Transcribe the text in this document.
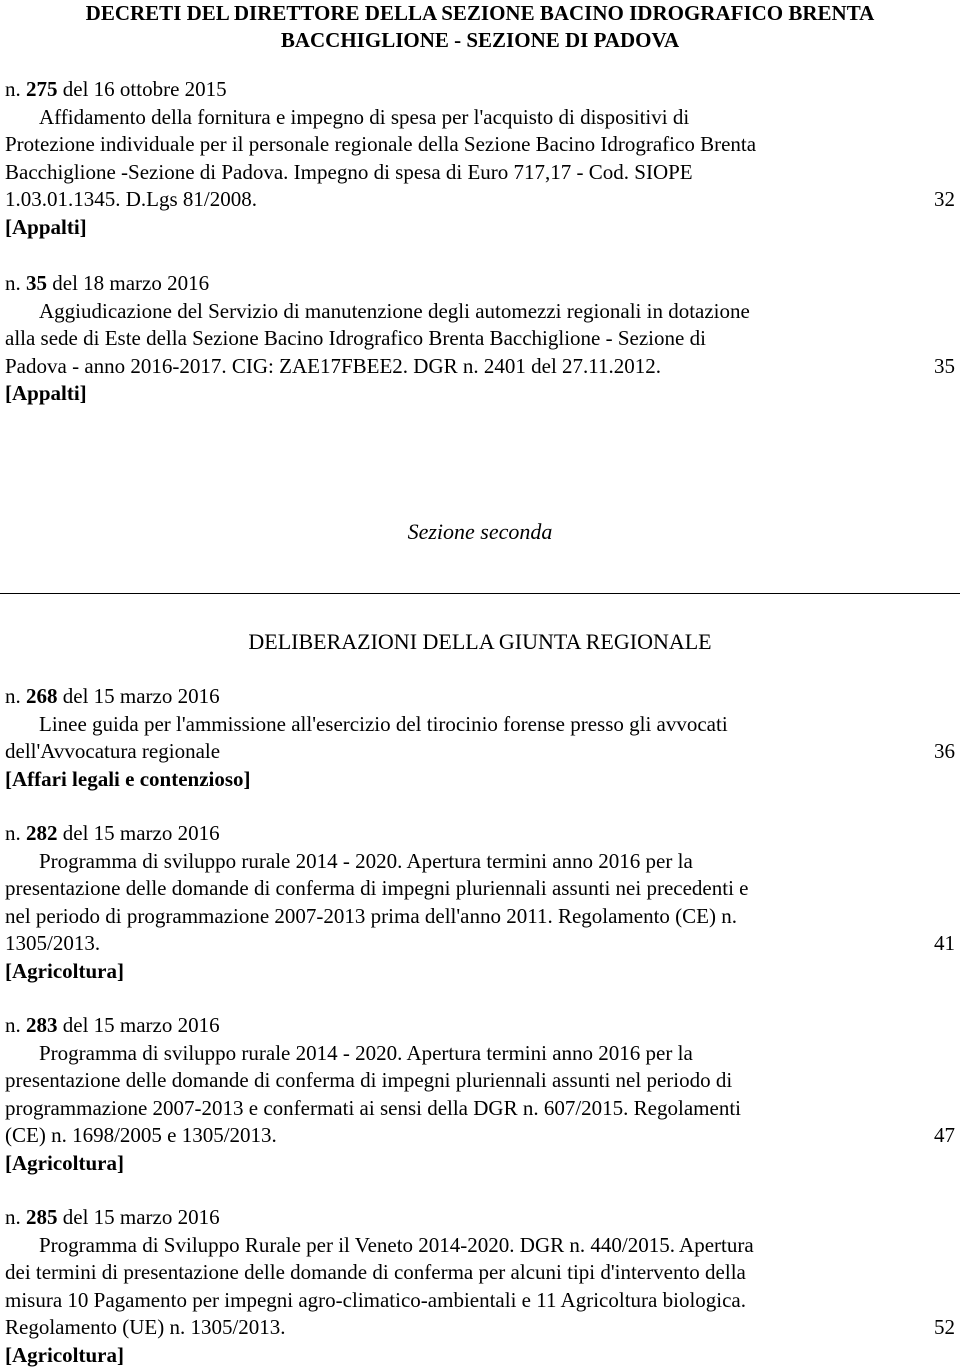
DECRETI DEL DIRETTORE DELLA SEZIONE BACINO IDROGRAFICO BRENTA
BACCHIGLIONE - SEZIONE DI PADOVA
n. 275 del 16 ottobre 2015
Affidamento della fornitura e impegno di spesa per l'acquisto di dispositivi di
Protezione individuale per il personale regionale della Sezione Bacino Idrografico Brenta
Bacchiglione -Sezione di Padova. Impegno di spesa di Euro 717,17 - Cod. SIOPE
1.03.01.1345. D.Lgs 81/2008.
[Appalti]
32
n. 35 del 18 marzo 2016
Aggiudicazione del Servizio di manutenzione degli automezzi regionali in dotazione
alla sede di Este della Sezione Bacino Idrografico Brenta Bacchiglione - Sezione di
Padova - anno 2016-2017. CIG: ZAE17FBEE2. DGR n. 2401 del 27.11.2012.
[Appalti]
35
Sezione seconda
DELIBERAZIONI DELLA GIUNTA REGIONALE
n. 268 del 15 marzo 2016
Linee guida per l'ammissione all'esercizio del tirocinio forense presso gli avvocati
dell'Avvocatura regionale
[Affari legali e contenzioso]
36
n. 282 del 15 marzo 2016
Programma di sviluppo rurale 2014 - 2020. Apertura termini anno 2016 per la
presentazione delle domande di conferma di impegni pluriennali assunti nei precedenti e
nel periodo di programmazione 2007-2013 prima dell'anno 2011. Regolamento (CE) n.
1305/2013.
[Agricoltura]
41
n. 283 del 15 marzo 2016
Programma di sviluppo rurale 2014 - 2020. Apertura termini anno 2016 per la
presentazione delle domande di conferma di impegni pluriennali assunti nel periodo di
programmazione 2007-2013 e confermati ai sensi della DGR n. 607/2015. Regolamenti
(CE) n. 1698/2005 e 1305/2013.
[Agricoltura]
47
n. 285 del 15 marzo 2016
Programma di Sviluppo Rurale per il Veneto 2014-2020. DGR n. 440/2015. Apertura
dei termini di presentazione delle domande di conferma per alcuni tipi d'intervento della
misura 10 Pagamento per impegni agro-climatico-ambientali e 11 Agricoltura biologica.
Regolamento (UE) n. 1305/2013.
[Agricoltura]
52
